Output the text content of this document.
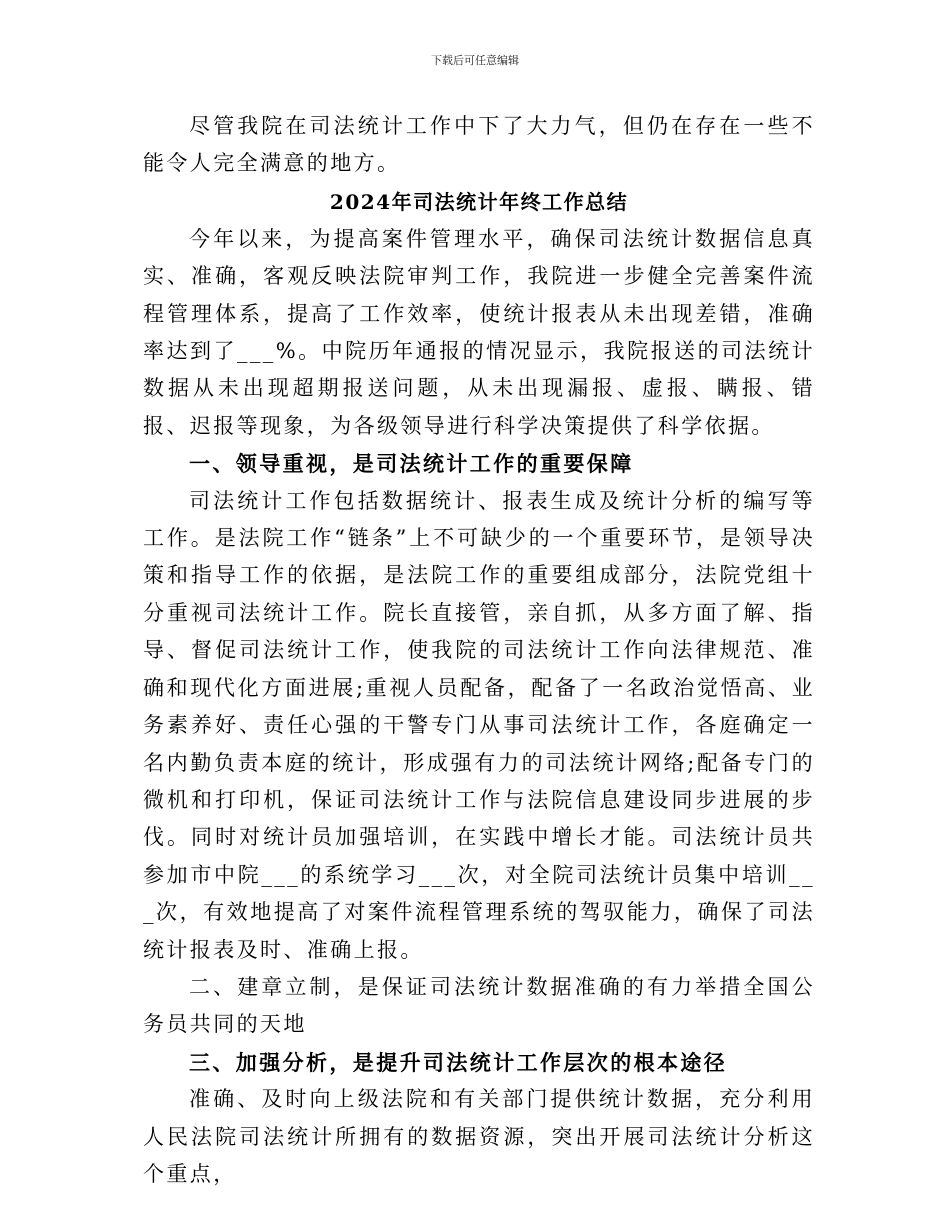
下载后可任意编辑

尽管我院在司法统计工作中下了大力气，但仍在存在一些不能令人完全满意的地方。

2024年司法统计年终工作总结

今年以来，为提高案件管理水平，确保司法统计数据信息真实、准确，客观反映法院审判工作，我院进一步健全完善案件流程管理体系，提高了工作效率，使统计报表从未出现差错，准确率达到了___%。中院历年通报的情况显示，我院报送的司法统计数据从未出现超期报送问题，从未出现漏报、虚报、瞒报、错报、迟报等现象，为各级领导进行科学决策提供了科学依据。

一、领导重视，是司法统计工作的重要保障

司法统计工作包括数据统计、报表生成及统计分析的编写等工作。是法院工作“链条”上不可缺少的一个重要环节，是领导决策和指导工作的依据，是法院工作的重要组成部分，法院党组十分重视司法统计工作。院长直接管，亲自抓，从多方面了解、指导、督促司法统计工作，使我院的司法统计工作向法律规范、准确和现代化方面进展;重视人员配备，配备了一名政治觉悟高、业务素养好、责任心强的干警专门从事司法统计工作，各庭确定一名内勤负责本庭的统计，形成强有力的司法统计网络;配备专门的微机和打印机，保证司法统计工作与法院信息建设同步进展的步伐。同时对统计员加强培训，在实践中增长才能。司法统计员共参加市中院___的系统学习___次，对全院司法统计员集中培训___次，有效地提高了对案件流程管理系统的驾驭能力，确保了司法统计报表及时、准确上报。

二、建章立制，是保证司法统计数据准确的有力举措全国公务员共同的天地

三、加强分析，是提升司法统计工作层次的根本途径

准确、及时向上级法院和有关部门提供统计数据，充分利用人民法院司法统计所拥有的数据资源，突出开展司法统计分析这个重点，
